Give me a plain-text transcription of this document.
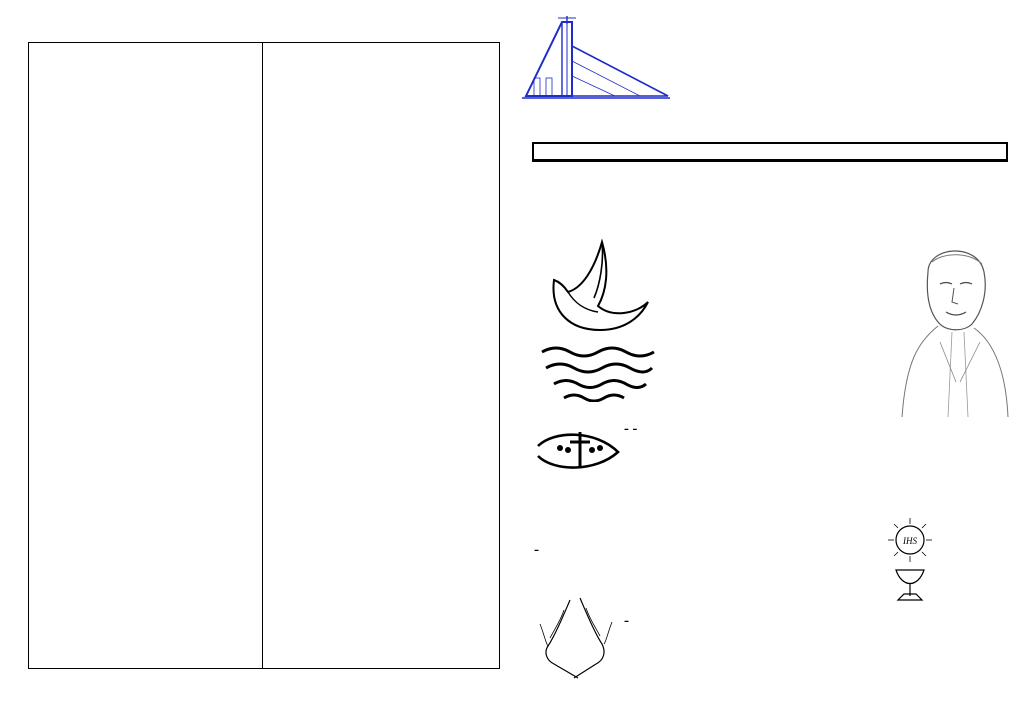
- -
-

IHS
-
